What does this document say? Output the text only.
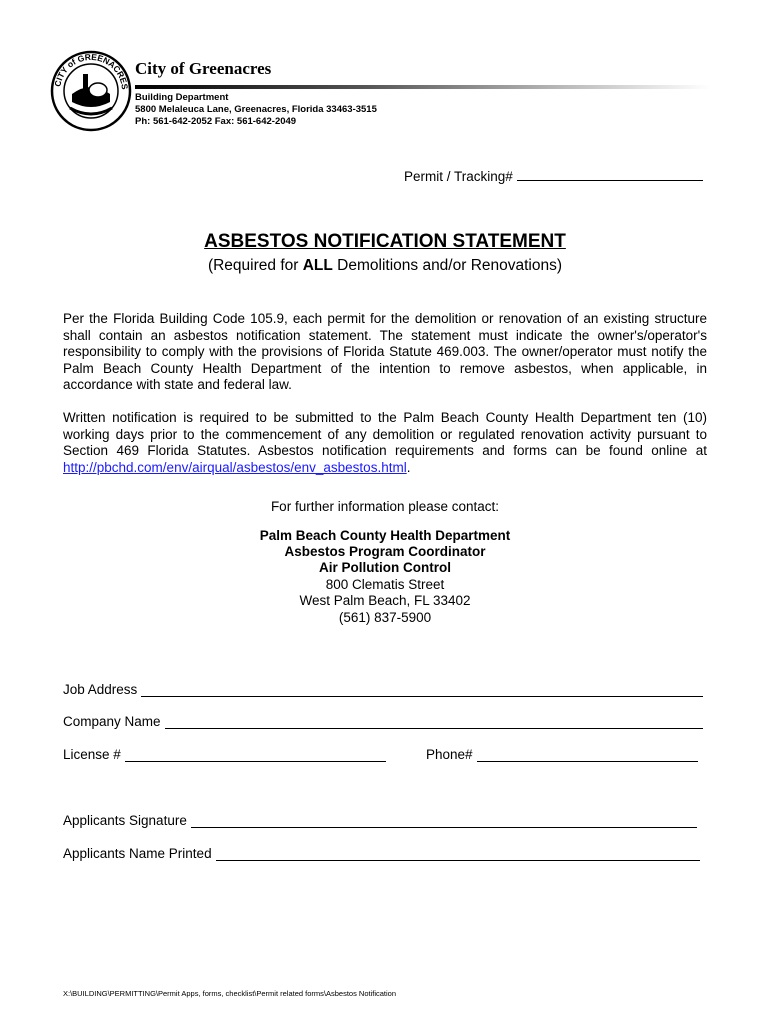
CITY of GREENACRES
City of Greenacres
Building Department
5800 Melaleuca Lane, Greenacres, Florida 33463-3515
Ph: 561-642-2052 Fax: 561-642-2049
Permit / Tracking#
ASBESTOS NOTIFICATION STATEMENT
(Required for ALL Demolitions and/or Renovations)
Per the Florida Building Code 105.9, each permit for the demolition or renovation of an existing structure shall contain an asbestos notification statement. The statement must indicate the owner's/operator's responsibility to comply with the provisions of Florida Statute 469.003. The owner/operator must notify the Palm Beach County Health Department of the intention to remove asbestos, when applicable, in accordance with state and federal law.
Written notification is required to be submitted to the Palm Beach County Health Department ten (10) working days prior to the commencement of any demolition or regulated renovation activity pursuant to Section 469 Florida Statutes. Asbestos notification requirements and forms can be found online at http://pbchd.com/env/airqual/asbestos/env_asbestos.html.
For further information please contact:
Palm Beach County Health Department
Asbestos Program Coordinator
Air Pollution Control
800 Clematis Street
West Palm Beach, FL 33402
(561) 837-5900
Job Address
Company Name
License #	Phone#
Applicants Signature
Applicants Name Printed
X:\BUILDING\PERMITTING\Permit Apps, forms, checklist\Permit related forms\Asbestos Notification
